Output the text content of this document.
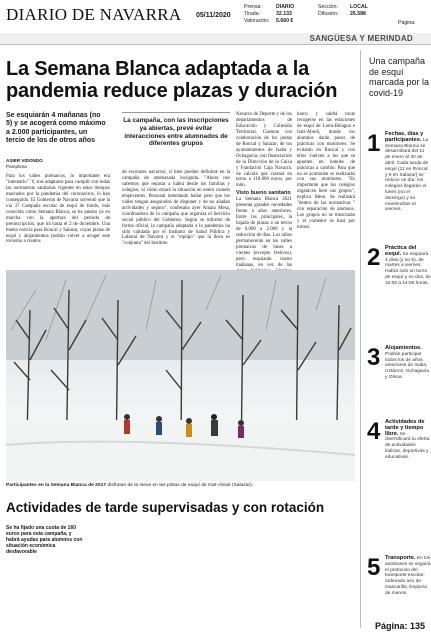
DIARIO DE NAVARRA 05/11/2020
Prensa:
Tirada:
Valoración:
DIARIO
32.133
5.660 €
Sección:
Difusión:
LOCAL
26.588
Página:
SANGÜESA Y MERINDAD
La Semana Blanca adaptada a la pandemia reduce plazas y duración
Se esquiarán 4 mañanas (no 5) y se acogerá como máximo a 2.000 participantes, un tercio de los de otros años
ASIER VIDONDO
Pamplona
Para los valles pirenaicos, lo importante era "intentarlo". Y, tras adaptarse para cumplir con todas las normativas sanitarias vigentes en estos tiempos marcados por la pandemia del coronavirus, lo han conseguido. El Gobierno de Navarra solventó que la vía 37 Campaña escolar de esquí de fondo, más conocida como Semana Blanca, se ha puesto ya en marcha con la apertura del periodo de preinscripción, que irá hasta el 2 de diciembre. Una buena noticia para Roncal y Salazar, cuyas pistas de esquí y alojamientos podrán volver a acoger este invierno a cientos
La campaña, con las inscripciones ya abiertas, prevé evitar interacciones entre alumnados de diferentes grupos
de escolares navarros, si bien pueden definirse en la campaña de amenazada incógnita. "Ahora nos sabemos qué repasar a habrá desde los familias y colegios, ni cómo estará la situación en enero cuando empecemos. Personal intentando hallar pero que los valles tengan asegurados de disponer y de no añadan actividades y seguro", confesaba ayer Amaia Mesa, coordinadora de la campaña que organiza el Servicio social público del Gobierno. Según se informó de forma oficial, la campaña adaptada a la pandemia ha sido validada por el Instituto de Salud Pública y Laboral de Navarra y el "equipo" que la lleva es "conjunta" del Instituto
Navarro de Deporte y de los departamentos de Educación y Cohesión Territorial. Cuentan con colaboración de los juntas de Roncal y Salazar; de los ayuntamientos de Isaba y Ochagavía; con financiación de la Dirección de la Caixa y Fundación Caja Navarra. Se calcula que costará en torno a 118.000 euros, por todo.
Visto bueno sanitario
La Semana Blanca 2021 presenta grandes novedades frente a años anteriores. Entre las principales, la bajada de plazas a un tercio de 6.000 a 2.000 y la reducción de días. Los niños permanecerán en los valles pirenaicos de lunes a viernes (excepto festivos), pero esquiarán cuatro mañanas, en vez de las
barco y saldrá tocar recogerse en las estaciones de esquí de Larra-Belagua e Iratí-Abodi, donde los alumnos darán pasos de prácticas con monitores. Se evitarán en Roncal y con ellos vuelven a los que se apunten en hoteles de prácticas a cambio. Para que no se acumulen se realizarán con sus monitores. "Es importante que los colegios organicen bien sus grupos", explica Mesa. Se realizará "dentro de las normativas " con separación de alumnos. Los grupos no se mezclarán y el comedor se hará por turnos.
Participantes en la Semana Blanca de 2017 disfrutan de la nieve en las pistas de esquí de Iratí-Abodi (Salazar).
Actividades de tarde supervisadas y con rotación
Se ha fijado una cuota de 160 euros para esta campaña, y habrá ayudas para alumnos con situación económica desfavorable
Una campaña de esquí marcada por la covid-19
1 Fechas, días y participantes. La Semana Blanca se desarrollará del 11 de enero al 30 de abril. Cada tanda de esquí (11 en Roncal y 9 en Salazar) se reduce un día: los colegios llegarán el lunes (no el domingo) y se mantendrán el viernes.
2 Práctica del esquí. Se esquiará 4 días (y no 5), de martes a viernes. Habrá solo un turno de esquí y no dos, de 10:00 a 14:00 horas.
3 Alojamientos. Podrán participar todos los de años anteriores de Isaba, Uztárroz, Ochagavía y Otsoa.
4 Actividades de tarde y tiempo libre. Se diversificará la oferta de actividades lúdicas, deportivas y educativas.
5 Transporte. En los autobuses se seguirá el protocolo del transporte escolar: ordenado uso de mascarilla, limpieza de manos.
Página: 135
